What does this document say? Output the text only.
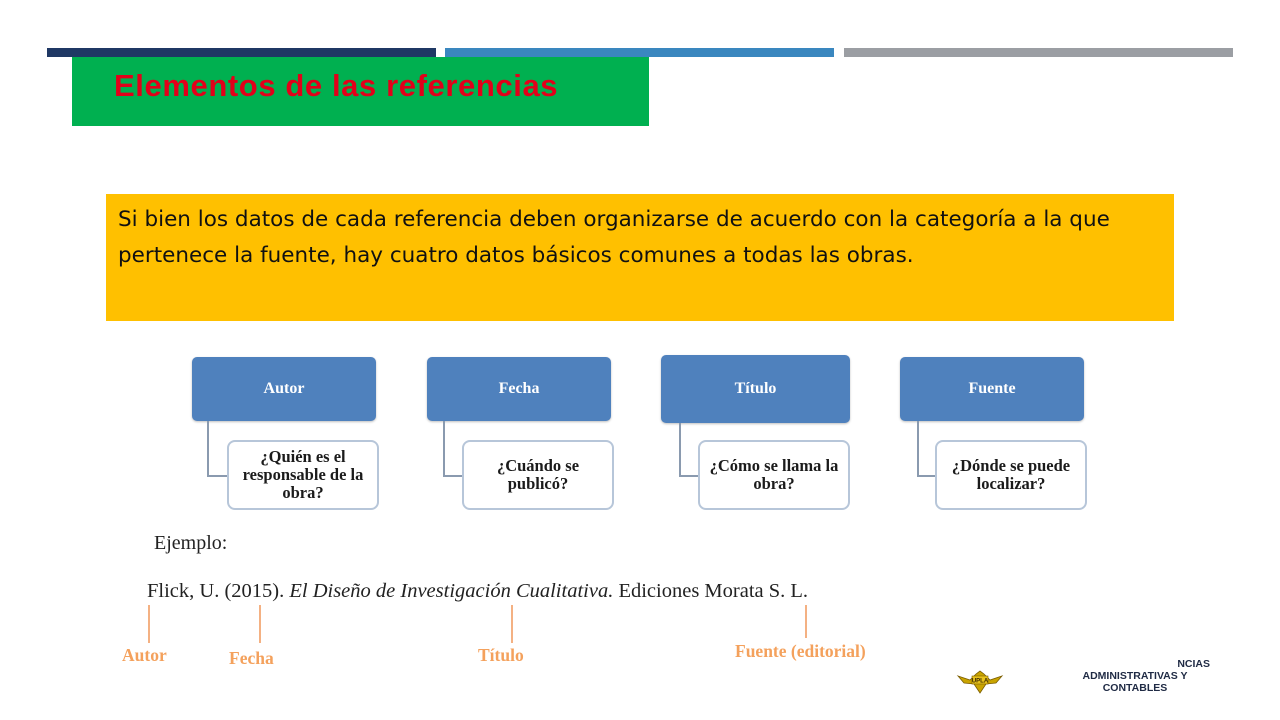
Elementos de las referencias
Si bien los datos de cada referencia deben organizarse de acuerdo con la categoría a la que pertenece la fuente, hay cuatro datos básicos comunes a todas las obras.
Autor
¿Quién es el responsable de la obra?
Fecha
¿Cuándo se publicó?
Título
¿Cómo se llama la obra?
Fuente
¿Dónde se puede localizar?
Ejemplo:
Flick, U. (2015). El Diseño de Investigación Cualitativa. Ediciones Morata S. L.
Autor	Fecha	Título	Fuente (editorial)
UPLA
NCIAS
ADMINISTRATIVAS Y
CONTABLES
